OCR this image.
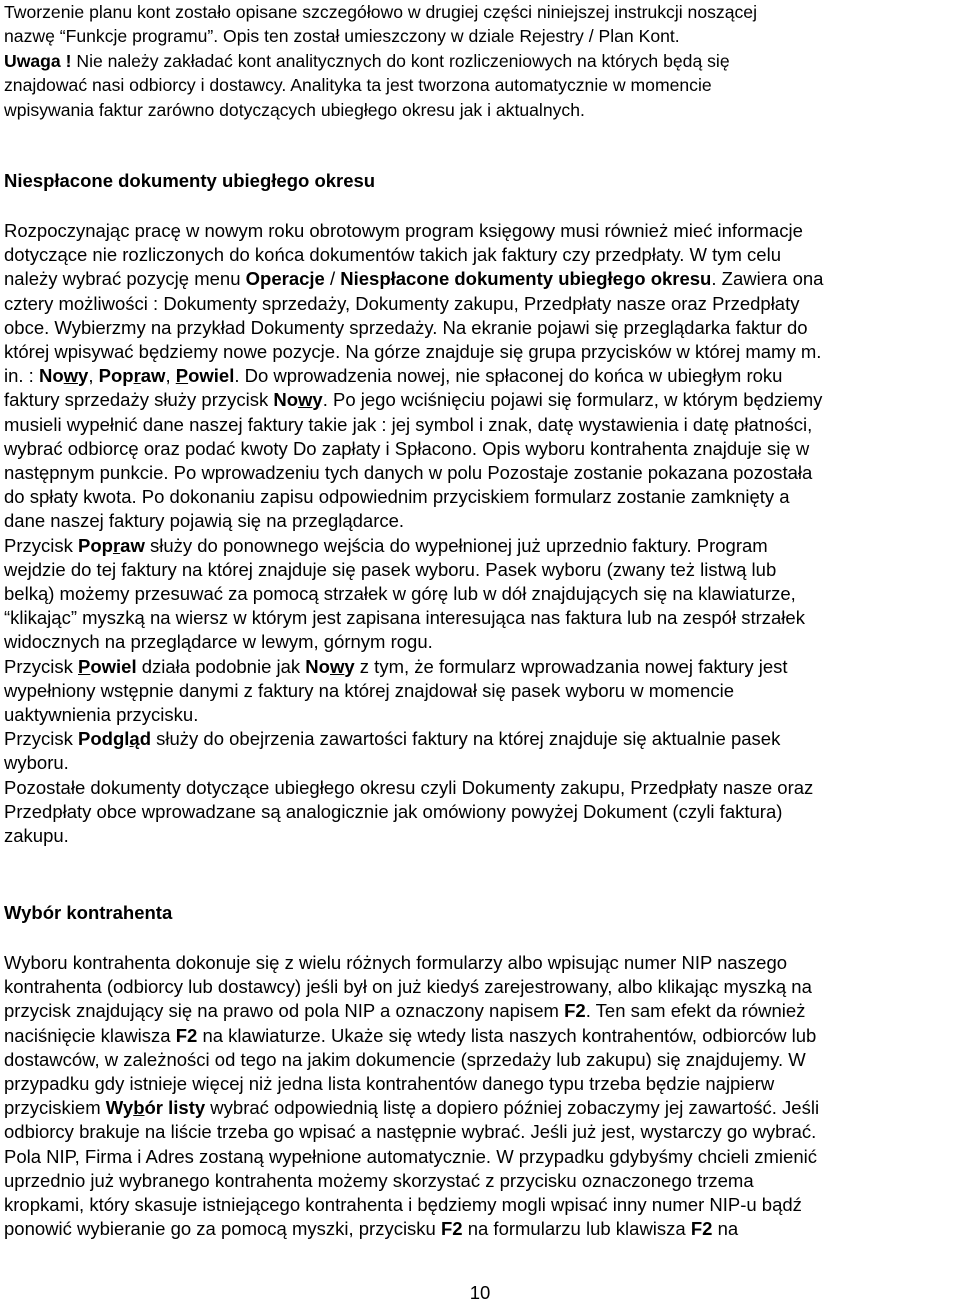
Tworzenie planu kont zostało opisane szczegółowo w drugiej części niniejszej instrukcji noszącej
nazwę “Funkcje programu”. Opis ten został umieszczony w dziale Rejestry / Plan Kont.
Uwaga ! Nie należy zakładać kont analitycznych do kont rozliczeniowych na których będą się
znajdować nasi odbiorcy i dostawcy. Analityka ta jest tworzona automatycznie w momencie
wpisywania faktur zarówno dotyczących ubiegłego okresu jak i aktualnych.
Niespłacone dokumenty ubiegłego okresu
Rozpoczynając pracę w nowym roku obrotowym program księgowy musi również mieć informacje
dotyczące nie rozliczonych do końca dokumentów takich jak faktury czy przedpłaty. W tym celu
należy wybrać pozycję menu Operacje / Niespłacone dokumenty ubiegłego okresu. Zawiera ona
cztery możliwości : Dokumenty sprzedaży, Dokumenty zakupu, Przedpłaty nasze oraz Przedpłaty
obce. Wybierzmy na przykład Dokumenty sprzedaży. Na ekranie pojawi się przeglądarka faktur do
której wpisywać będziemy nowe pozycje. Na górze znajduje się grupa przycisków w której mamy m.
in. : Nowy, Popraw, Powiel. Do wprowadzenia nowej, nie spłaconej do końca w ubiegłym roku
faktury sprzedaży służy przycisk Nowy. Po jego wciśnięciu pojawi się formularz, w którym będziemy
musieli wypełnić dane naszej faktury takie jak : jej symbol i znak, datę wystawienia i datę płatności,
wybrać odbiorcę oraz podać kwoty Do zapłaty i Spłacono. Opis wyboru kontrahenta znajduje się w
następnym punkcie. Po wprowadzeniu tych danych w polu Pozostaje zostanie pokazana pozostała
do spłaty kwota. Po dokonaniu zapisu odpowiednim przyciskiem formularz zostanie zamknięty a
dane naszej faktury pojawią się na przeglądarce.
Przycisk Popraw służy do ponownego wejścia do wypełnionej już uprzednio faktury. Program
wejdzie do tej faktury na której znajduje się pasek wyboru. Pasek wyboru (zwany też listwą lub
belką) możemy przesuwać za pomocą strzałek w górę lub w dół znajdujących się na klawiaturze,
“klikając” myszką na wiersz w którym jest zapisana interesująca nas faktura lub na zespół strzałek
widocznych na przeglądarce w lewym, górnym rogu.
Przycisk Powiel działa podobnie jak Nowy z tym, że formularz wprowadzania nowej faktury jest
wypełniony wstępnie danymi z faktury na której znajdował się pasek wyboru w momencie
uaktywnienia przycisku.
Przycisk Podgląd służy do obejrzenia zawartości faktury na której znajduje się aktualnie pasek
wyboru.
Pozostałe dokumenty dotyczące ubiegłego okresu czyli Dokumenty zakupu, Przedpłaty nasze oraz
Przedpłaty obce wprowadzane są analogicznie jak omówiony powyżej Dokument (czyli faktura)
zakupu.
Wybór kontrahenta
Wyboru kontrahenta dokonuje się z wielu różnych formularzy albo wpisując numer NIP naszego
kontrahenta (odbiorcy lub dostawcy) jeśli był on już kiedyś zarejestrowany, albo klikając myszką na
przycisk znajdujący się na prawo od pola NIP a oznaczony napisem F2. Ten sam efekt da również
naciśnięcie klawisza F2 na klawiaturze. Ukaże się wtedy lista naszych kontrahentów, odbiorców lub
dostawców, w zależności od tego na jakim dokumencie (sprzedaży lub zakupu) się znajdujemy. W
przypadku gdy istnieje więcej niż jedna lista kontrahentów danego typu trzeba będzie najpierw
przyciskiem Wybór listy wybrać odpowiednią listę a dopiero później zobaczymy jej zawartość. Jeśli
odbiorcy brakuje na liście trzeba go wpisać a następnie wybrać. Jeśli już jest, wystarczy go wybrać.
Pola NIP, Firma i Adres zostaną wypełnione automatycznie. W przypadku gdybyśmy chcieli zmienić
uprzednio już wybranego kontrahenta możemy skorzystać z przycisku oznaczonego trzema
kropkami, który skasuje istniejącego kontrahenta i będziemy mogli wpisać inny numer NIP-u bądź
ponowić wybieranie go za pomocą myszki, przycisku F2 na formularzu lub klawisza F2 na
10
